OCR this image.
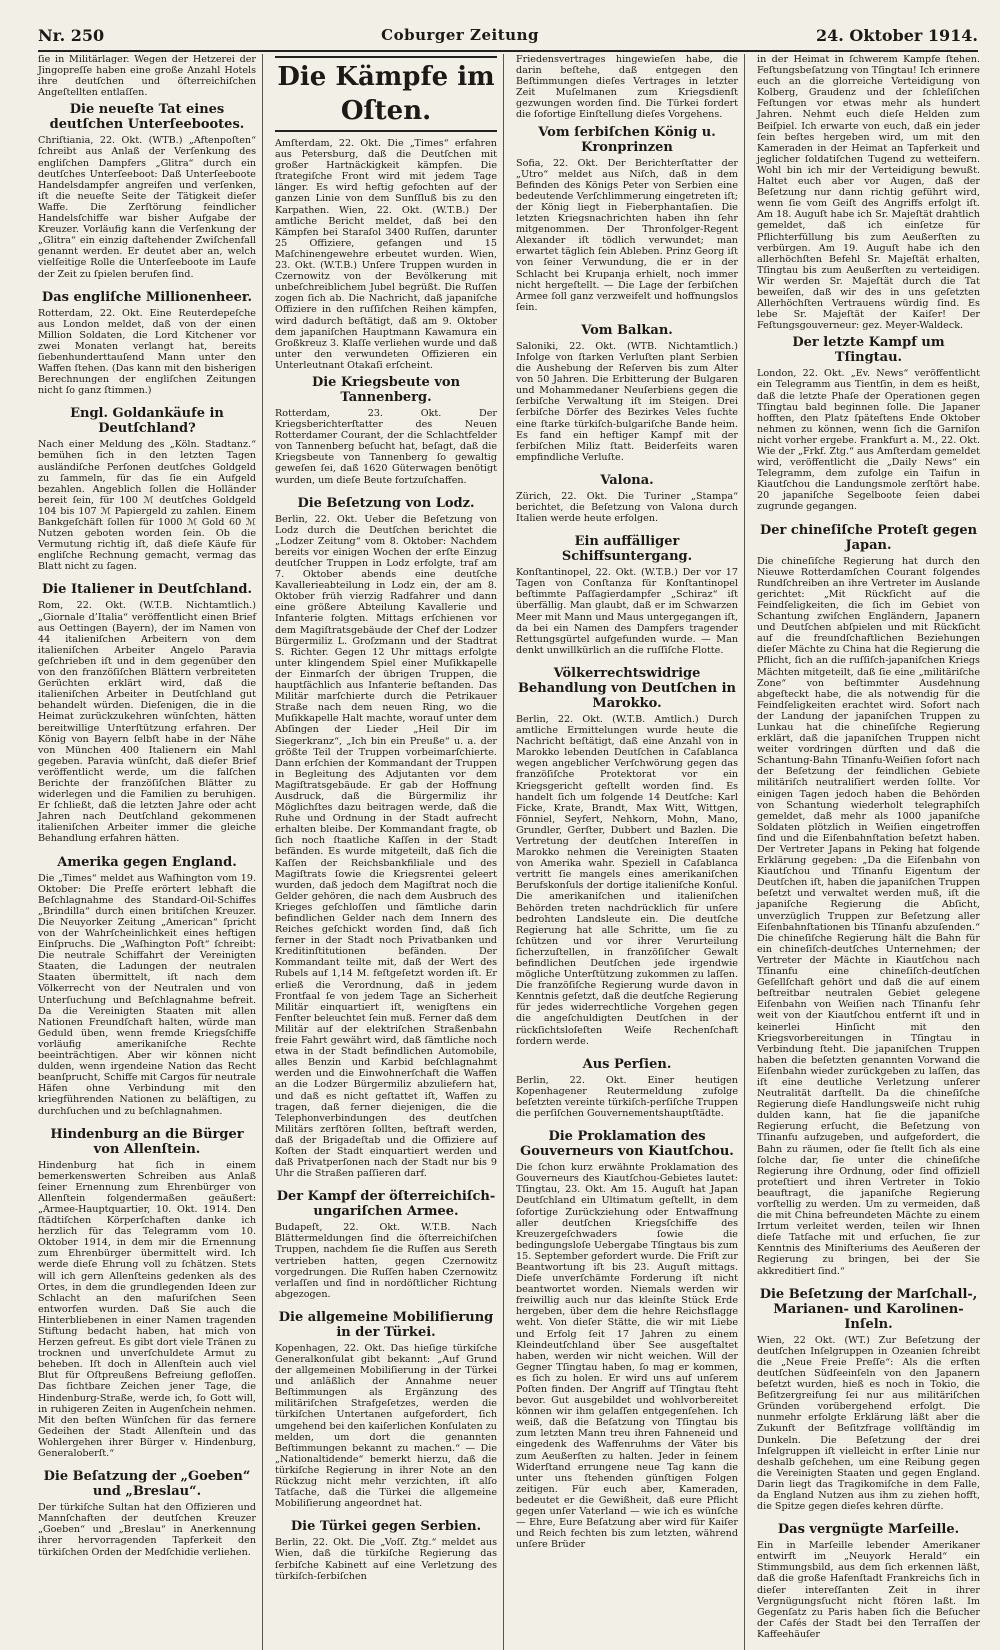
Nr. 250	Coburger Zeitung	24. Oktober 1914.

ſie in Militärlager. Wegen der Hetzerei der Jingopreſſe haben eine große Anzahl Hotels ihre deutſchen und öſterreichiſchen Angeſtellten entlaſſen.

Die neueſte Tat eines deutſchen Unterſeebootes.

Chriſtiania, 22. Okt. (WTB.) „Aftenpoſten“ ſchreibt aus Anlaß der Verſenkung des engliſchen Dampfers „Glitra“ durch ein deutſches Unterſeeboot: Daß Unterſeeboote Handelsdampfer angreifen und verſenken, iſt die neueſte Seite der Tätigkeit dieſer Waffe. Die Zerſtörung feindlicher Handelsſchiffe war bisher Aufgabe der Kreuzer. Vorläufig kann die Verſenkung der „Glitra“ ein einzig daſtehender Zwiſchenfall genannt werden. Er deutet aber an, welch vielſeitige Rolle die Unterſeeboote im Laufe der Zeit zu ſpielen berufen ſind.

Das engliſche Millionenheer.

Rotterdam, 22. Okt. Eine Reuterdepeſche aus London meldet, daß von der einen Million Soldaten, die Lord Kitchener vor zwei Monaten verlangt hat, bereits ſiebenhunderttauſend Mann unter den Waffen ſtehen. (Das kann mit den bisherigen Berechnungen der engliſchen Zeitungen nicht ſo ganz ſtimmen.)

Engl. Goldankäufe in Deutſchland?

Nach einer Meldung des „Köln. Stadtanz.“ bemühen ſich in den letzten Tagen ausländiſche Perſonen deutſches Goldgeld zu ſammeln, für das ſie ein Aufgeld bezahlen. Angeblich ſollen die Holländer bereit ſein, für 100 ℳ deutſches Goldgeld 104 bis 107 ℳ Papiergeld zu zahlen. Einem Bankgeſchäft ſollen für 1000 ℳ Gold 60 ℳ Nutzen geboten worden ſein. Ob die Vermutung richtig iſt, daß dieſe Käufe für engliſche Rechnung gemacht, vermag das Blatt nicht zu ſagen.

Die Italiener in Deutſchland.

Rom, 22. Okt. (W.T.B. Nichtamtlich.) „Giornale d’Italia“ veröffentlicht einen Brief aus Oettingen (Bayern), der im Namen von 44 italieniſchen Arbeitern von dem italieniſchen Arbeiter Angelo Paravia geſchrieben iſt und in dem gegenüber den von den franzöſiſchen Blättern verbreiteten Gerüchten erklärt wird, daß die italieniſchen Arbeiter in Deutſchland gut behandelt würden. Dieſenigen, die in die Heimat zurückzukehren wünſchten, hätten bereitwillige Unterſtützung erfahren. Der König von Bayern ſelbſt habe in der Nähe von München 400 Italienern ein Mahl gegeben. Paravia wünſcht, daß dieſer Brief veröffentlicht werde, um die falſchen Berichte der franzöſiſchen Blätter zu widerlegen und die Familien zu beruhigen. Er ſchließt, daß die letzten Jahre oder acht Jahren nach Deutſchland gekommenen italieniſchen Arbeiter immer die gleiche Behandlung erfahren hätten.

Amerika gegen England.

Die „Times“ meldet aus Waſhington vom 19. Oktober: Die Preſſe erörtert lebhaft die Beſchlagnahme des Standard-Oil-Schiffes „Brindilla“ durch einen britiſchen Kreuzer. Die Neuyorker Zeitung „American“ ſpricht von der Wahrſcheinlichkeit eines heftigen Einſpruchs. Die „Waſhington Poſt“ ſchreibt: Die neutrale Schiffahrt der Vereinigten Staaten, die Ladungen der neutralen Staaten übermittelt, iſt nach dem Völkerrecht von der Neutralen und von Unterſuchung und Beſchlagnahme befreit. Da die Vereinigten Staaten mit allen Nationen Freundſchaft halten, würde man Geduld üben, wenn fremde Kriegsſchiffe vorläufig amerikaniſche Rechte beeinträchtigen. Aber wir können nicht dulden, wenn irgendeine Nation das Recht beanſprucht, Schiffe mit Cargos für neutrale Häfen ohne Verbindung mit den kriegführenden Nationen zu beläſtigen, zu durchſuchen und zu beſchlagnahmen.

Hindenburg an die Bürger von Allenſtein.

Hindenburg hat ſich in einem bemerkenswerten Schreiben aus Anlaß ſeiner Ernennung zum Ehrenbürger von Allenſtein folgendermaßen geäußert: „Armee-Hauptquartier, 10. Okt. 1914. Den ſtädtiſchen Körperſchaften danke ich herzlich für das Telegramm vom 10. Oktober 1914, in dem mir die Ernennung zum Ehrenbürger übermittelt wird. Ich werde dieſe Ehrung voll zu ſchätzen. Stets will ich gern Allenſteins gedenken als des Ortes, in dem die grundlegenden Ideen zur Schlacht an den maſuriſchen Seen entworfen wurden. Daß Sie auch die Hinterbliebenen in einer Namen tragenden Stiftung bedacht haben, hat mich von Herzen gefreut. Es gibt dort viele Tränen zu trocknen und unverſchuldete Armut zu beheben. Iſt doch in Allenſtein auch viel Blut für Oſtpreußens Befreiung gefloſſen. Das ſichtbare Zeichen jener Tage, die Hindenburg-Straße, werde ich, ſo Gott will, in ruhigeren Zeiten in Augenſchein nehmen. Mit den beſten Wünſchen für das fernere Gedeihen der Stadt Allenſtein und das Wohlergehen ihrer Bürger v. Hindenburg, Generaloberſt.“

Die Beſatzung der „Goeben“ und „Breslau“.

Der türkiſche Sultan hat den Offizieren und Mannſchaften der deutſchen Kreuzer „Goeben“ und „Breslau“ in Anerkennung ihrer hervorragenden Tapferkeit den türkiſchen Orden der Medſchidie verliehen.

Die Kämpfe im Oſten.

Amſterdam, 22. Okt. Die „Times“ erfahren aus Petersburg, daß die Deutſchen mit großer Hartnäckigkeit kämpfen. Die ſtrategiſche Front wird mit jedem Tage länger. Es wird heftig gefochten auf der ganzen Linie von dem Sunſſluß bis zu den Karpathen. Wien, 22. Okt. (W.T.B.) Der amtliche Bericht meldet, daß bei den Kämpfen bei Staraſol 3400 Ruſſen, darunter 25 Offiziere, gefangen und 15 Maſchinengewehre erbeutet wurden. Wien, 23. Okt. (W.T.B.) Unſere Truppen wurden in Czernowitz von der Bevölkerung mit unbeſchreiblichem Jubel begrüßt. Die Ruſſen zogen ſich ab. Die Nachricht, daß japaniſche Offiziere in den ruſſiſchen Reihen kämpfen, wird dadurch beſtätigt, daß am 9. Oktober dem japaniſchen Hauptmann Kawamura ein Großkreuz 3. Klaſſe verliehen wurde und daß unter den verwundeten Offizieren ein Unterleutnant Otakaſi erſcheint.

Die Kriegsbeute von Tannenberg.

Rotterdam, 23. Okt. Der Kriegsberichterſtatter des Neuen Rotterdamer Courant, der die Schlachtfelder von Tannenberg beſucht hat, beſagt, daß die Kriegsbeute von Tannenberg ſo gewaltig geweſen ſei, daß 1620 Güterwagen benötigt wurden, um dieſe Beute fortzuſchaffen.

Die Beſetzung von Lodz.

Berlin, 22. Okt. Ueber die Beſetzung von Lodz durch die Deutſchen berichtet die „Lodzer Zeitung“ vom 8. Oktober: Nachdem bereits vor einigen Wochen der erſte Einzug deutſcher Truppen in Lodz erfolgte, traf am 7. Oktober abends eine deutſche Kavallerieabteilung in Lodz ein, der am 8. Oktober früh vierzig Radfahrer und dann eine größere Abteilung Kavallerie und Infanterie folgten. Mittags erſchienen vor dem Magiſtratsgebäude der Chef der Lodzer Bürgermiliz L. Groſzmann und der Stadtrat S. Richter. Gegen 12 Uhr mittags erfolgte unter klingendem Spiel einer Muſikkapelle der Einmarſch der übrigen Truppen, die hauptſächlich aus Infanterie beſtanden. Das Militär marſchierte durch die Petrikauer Straße nach dem neuen Ring, wo die Muſikkapelle Halt machte, worauf unter dem Abſingen der Lieder „Heil Dir im Siegerkranz“, „Ich bin ein Preuße“ u. a. der größte Teil der Truppen vorbeimarſchierte. Dann erſchien der Kommandant der Truppen in Begleitung des Adjutanten vor dem Magiſtratsgebäude. Er gab der Hoffnung Ausdruck, daß die Bürgermiliz ihr Möglichſtes dazu beitragen werde, daß die Ruhe und Ordnung in der Stadt aufrecht erhalten bleibe. Der Kommandant fragte, ob ſich noch ſtaatliche Kaſſen in der Stadt befänden. Es wurde mitgeteilt, daß ſich die Kaſſen der Reichsbankfiliale und des Magiſtrats ſowie die Kriegsrentei geleert wurden, daß jedoch dem Magiſtrat noch die Gelder gehören, die nach dem Ausbruch des Krieges geſchloſſen und ſämtliche darin befindlichen Gelder nach dem Innern des Reiches geſchickt worden ſind, daß ſich ferner in der Stadt noch Privatbanken und Kreditinſtitutionen befänden. Der Kommandant teilte mit, daß der Wert des Rubels auf 1,14 M. feſtgeſetzt worden iſt. Er erließ die Verordnung, daß in jedem Frontfaal ſe von jedem Tage an Sicherheit Militär einquartiert iſt, wenigſtens ein Fenſter beleuchtet ſein muß. Ferner daß dem Militär auf der elektriſchen Straßenbahn freie Fahrt gewährt wird, daß ſämtliche noch etwa in der Stadt befindlichen Automobile, alles Benzin und Karbid beſchlagnahmt werden und die Einwohnerſchaft die Waffen an die Lodzer Bürgermiliz abzuliefern hat, und daß es nicht geſtattet iſt, Waffen zu tragen, daß ferner diejenigen, die die Telephonverbindungen des deutſchen Militärs zerſtören ſollten, beſtraft werden, daß der Brigadeſtab und die Offiziere auf Koſten der Stadt einquartiert werden und daß Privatperſonen nach der Stadt nur bis 9 Uhr die Straßen paſſieren darf.

Der Kampf der öſterreichiſch-ungariſchen Armee.

Budapeſt, 22. Okt. W.T.B. Nach Blättermeldungen ſind die öſterreichiſchen Truppen, nachdem ſie die Ruſſen aus Sereth vertrieben hatten, gegen Czernowitz vorgedrungen. Die Ruſſen haben Czernowitz verlaſſen und ſind in nordöſtlicher Richtung abgezogen.

Die allgemeine Mobiliſierung in der Türkei.

Kopenhagen, 22. Okt. Das hieſige türkiſche Generalkonſulat gibt bekannt: „Auf Grund der allgemeinen Mobiliſierung in der Türkei und anläßlich der Annahme neuer Beſtimmungen als Ergänzung des militäriſchen Strafgeſetzes, werden die türkiſchen Untertanen aufgefordert, ſich umgehend bei den kaiſerlichen Konſulaten zu melden, um dort die genannten Beſtimmungen bekannt zu machen.“ — Die „Nationaltidende“ bemerkt hierzu, daß die türkiſche Regierung in ihrer Note an den Rückzug nicht mehr verzichten, iſt alſo Tatſache, daß die Türkei die allgemeine Mobiliſierung angeordnet hat.

Die Türkei gegen Serbien.

Berlin, 22. Okt. Die „Voſſ. Ztg.“ meldet aus Wien, daß die türkiſche Regierung das ſerbiſche Kabinett auf eine Verletzung des türkiſch-ſerbiſchen

Friedensvertrages hingewieſen habe, die darin beſtehe, daß entgegen den Beſtimmungen dieſes Vertrages in letzter Zeit Muſelmanen zum Kriegsdienſt gezwungen worden ſind. Die Türkei fordert die ſofortige Einſtellung dieſes Vorgehens.

Vom ſerbiſchen König u. Kronprinzen

Sofia, 22. Okt. Der Berichterſtatter der „Utro“ meldet aus Niſch, daß in dem Befinden des Königs Peter von Serbien eine bedeutende Verſchlimmerung eingetreten iſt; der König liegt in Fieberphantaſien. Die letzten Kriegsnachrichten haben ihn ſehr mitgenommen. Der Thronfolger-Regent Alexander iſt tödlich verwundet; man erwartet täglich ſein Ableben. Prinz Georg iſt von ſeiner Verwundung, die er in der Schlacht bei Krupanja erhielt, noch immer nicht hergeſtellt. — Die Lage der ſerbiſchen Armee ſoll ganz verzweifelt und hoffnungslos ſein.

Vom Balkan.

Saloniki, 22. Okt. (WTB. Nichtamtlich.) Infolge von ſtarken Verluſten plant Serbien die Aushebung der Reſerven bis zum Alter von 50 Jahren. Die Erbitterung der Bulgaren und Mohammedaner Neuſerbiens gegen die ſerbiſche Verwaltung iſt im Steigen. Drei ſerbiſche Dörfer des Bezirkes Veles ſuchte eine ſtarke türkiſch-bulgariſche Bande heim. Es fand ein heftiger Kampf mit der ſerbiſchen Miliz ſtatt. Beiderſeits waren empfindliche Verluſte.

Valona.

Zürich, 22. Okt. Die Turiner „Stampa“ berichtet, die Beſetzung von Valona durch Italien werde heute erfolgen.

Ein auffälliger Schiffsuntergang.

Konſtantinopel, 22. Okt. (W.T.B.) Der vor 17 Tagen von Conſtanza für Konſtantinopel beſtimmte Paſſagierdampfer „Schiraz“ iſt überfällig. Man glaubt, daß er im Schwarzen Meer mit Mann und Maus untergegangen iſt, da bei ein Namen des Dampfers tragender Rettungsgürtel aufgefunden wurde. — Man denkt unwillkürlich an die ruſſiſche Flotte.

Völkerrechtswidrige Behandlung von Deutſchen in Marokko.

Berlin, 22. Okt. (W.T.B. Amtlich.) Durch amtliche Ermittelungen wurde heute die Nachricht beſtätigt, daß eine Anzahl von in Marokko lebenden Deutſchen in Caſablanca wegen angeblicher Verſchwörung gegen das franzöſiſche Protektorat vor ein Kriegsgericht geſtellt worden ſind. Es handelt ſich um folgende 14 Deutſche: Karl Ficke, Krate, Brandt, Max Witt, Wittgen, Fönniel, Seyfert, Nehkorn, Mohn, Mano, Grundler, Gerſter, Dubbert und Bazlen. Die Vertretung der deutſchen Intereſſen in Marokko nehmen die Vereinigten Staaten von Amerika wahr. Speziell in Caſablanca vertritt ſie mangels eines amerikaniſchen Berufskonſuls der dortige italieniſche Konſul. Die amerikaniſchen und italieniſchen Behörden treten nachdrücklich für unſere bedrohten Landsleute ein. Die deutſche Regierung hat alle Schritte, um ſie zu ſchützen und vor ihrer Verurteilung ſicherzuſtellen, in franzöſiſcher Gewalt befindlichen Deutſchen jede irgendwie mögliche Unterſtützung zukommen zu laſſen. Die franzöſiſche Regierung wurde davon in Kenntnis geſetzt, daß die deutſche Regierung für jedes widerrechtliche Vorgehen gegen die angeſchuldigten Deutſchen in der rückſichtsloſeſten Weiſe Rechenſchaft fordern werde.

Aus Perſien.

Berlin, 22. Okt. Einer heutigen Kopenhagener Reutermeldung zufolge beſetzten vereinte türkiſch-perſiſche Truppen die perſiſchen Gouvernementshauptſtädte.

Die Proklamation des Gouverneurs von Kiautſchou.

Die ſchon kurz erwähnte Proklamation des Gouverneurs des Kiautſchou-Gebietes lautet: Tſingtau, 23. Okt. Am 15. Auguſt hat Japan Deutſchland ein Ultimatum geſtellt, in dem ſofortige Zurückziehung oder Entwaffnung aller deutſchen Kriegsſchiffe des Kreuzergeſchwaders ſowie die bedingungsloſe Uebergabe Tſingtaus bis zum 15. September gefordert wurde. Die Friſt zur Beantwortung iſt bis 23. Auguſt mittags. Dieſe unverſchämte Forderung iſt nicht beantwortet worden. Niemals werden wir freiwillig auch nur das kleinſte Stück Erde hergeben, über dem die hehre Reichsflagge weht. Von dieſer Stätte, die wir mit Liebe und Erfolg ſeit 17 Jahren zu einem Kleindeutſchland über See ausgeſtaltet haben, werden wir nicht weichen. Will der Gegner Tſingtau haben, ſo mag er kommen, es ſich zu holen. Er wird uns auf unſerem Poſten finden. Der Angriff auf Tſingtau ſteht bevor. Gut ausgebildet und wohlvorbereitet können wir ihm gelaſſen entgegenſehen. Ich weiß, daß die Beſatzung von Tſingtau bis zum letzten Mann treu ihren Fahneneid und eingedenk des Waffenruhms der Väter bis zum Aeußerſten zu halten. Jeder in ſeinem Widerſtand errungene neue Tag kann die unter uns ſtehenden günſtigen Folgen zeitigen. Für euch aber, Kameraden, bedeutet er die Gewißheit, daß eure Pflicht gegen unſer Vaterland — wie ich es wünſche — Ehre, Eure Beſatzung aber wird für Kaiſer und Reich fechten bis zum letzten, während unſere Brüder

in der Heimat in ſchwerem Kampfe ſtehen. Feſtungsbeſatzung von Tſingtau! Ich erinnere euch an die glorreiche Verteidigung von Kolberg, Graudenz und der ſchleſiſchen Feſtungen vor etwas mehr als hundert Jahren. Nehmt euch dieſe Helden zum Beiſpiel. Ich erwarte von euch, daß ein jeder ſein beſtes hergeben wird, um mit den Kameraden in der Heimat an Tapferkeit und jeglicher ſoldatiſchen Tugend zu wetteifern. Wohl bin ich mir der Verteidigung bewußt. Haltet euch aber vor Augen, daß der Beſetzung nur dann richtig geführt wird, wenn ſie vom Geiſt des Angriffs erfolgt iſt. Am 18. Auguſt habe ich Sr. Majeſtät drahtlich gemeldet, daß ich einſetze für Pflichterfüllung bis zum Aeußerſten zu verbürgen. Am 19. Auguſt habe ich den allerhöchſten Befehl Sr. Majeſtät erhalten, Tſingtau bis zum Aeußerſten zu verteidigen. Wir werden Sr. Majeſtät durch die Tat beweiſen, daß wir des in uns geſetzten Allerhöchſten Vertrauens würdig ſind. Es lebe Sr. Majeſtät der Kaiſer! Der Feſtungsgouverneur: gez. Meyer-Waldeck.

Der letzte Kampf um Tſingtau.

London, 22. Okt. „Ev. News“ veröffentlicht ein Telegramm aus Tientſin, in dem es heißt, daß die letzte Phaſe der Operationen gegen Tſingtau bald beginnen ſolle. Die Japaner hofften, den Platz ſpäteſtens Ende Oktober nehmen zu können, wenn ſich die Garniſon nicht vorher ergebe. Frankfurt a. M., 22. Okt. Wie der „Frkf. Ztg.“ aus Amſterdam gemeldet wird, veröffentlicht die „Daily News“ ein Telegramm, dem zufolge ein Taifun in Kiautſchou die Landungsmole zerſtört habe. 20 japaniſche Segelboote ſeien dabei zugrunde gegangen.

Der chineſiſche Proteſt gegen Japan.

Die chineſiſche Regierung hat durch den Nieuwe Rotterdamſchen Courant folgendes Rundſchreiben an ihre Vertreter im Auslande gerichtet: „Mit Rückſicht auf die Feindſeligkeiten, die ſich im Gebiet von Schantung zwiſchen Engländern, Japanern und Deutſchen abſpielen und mit Rückſicht auf die freundſchaftlichen Beziehungen dieſer Mächte zu China hat die Regierung die Pflicht, ſich an die ruſſiſch-japaniſchen Kriegs Mächten mitgeteilt, daß ſie eine „militäriſche Zone“ von beſtimmter Ausdehnung abgeſteckt habe, die als notwendig für die Feindſeligkeiten erachtet wird. Sofort nach der Landung der japaniſchen Truppen zu Lunkau hat die chineſiſche Regierung erklärt, daß die japaniſchen Truppen nicht weiter vordringen dürften und daß die Schantung-Bahn Tſinanfu-Weiſien ſofort nach der Beſetzung der feindlichen Gebiete militäriſch neutraliſiert werden ſollte. Vor einigen Tagen jedoch haben die Behörden von Schantung wiederholt telegraphiſch gemeldet, daß mehr als 1000 japaniſche Soldaten plötzlich in Weiſien eingetroffen ſind und die Eiſenbahnſtation beſetzt haben. Der Vertreter Japans in Peking hat folgende Erklärung gegeben: „Da die Eiſenbahn von Kiautſchou und Tſinanfu Eigentum der Deutſchen iſt, haben die japaniſchen Truppen beſetzt und verwaltet werden muß, iſt die japaniſche Regierung die Abſicht, unverzüglich Truppen zur Beſetzung aller Eiſenbahnſtationen bis Tſinanfu abzuſenden.“ Die chineſiſche Regierung hält die Bahn für ein chineſiſch-deutſches Unternehmen; der Vertreter der Mächte in Kiautſchou nach Tſinanfu eine chineſiſch-deutſchen Geſellſchaft gehört und daß die auf einem beſtreitbar neutralen Gebiet gelegene Eiſenbahn von Weiſien nach Tſinanfu ſehr weit von der Kiautſchou entfernt iſt und in keinerlei Hinſicht mit den Kriegsvorbereitungen in Tſingtau in Verbindung ſteht. Die japaniſchen Truppen haben die beſetzten genannten Vorwand die Eiſenbahn wieder zurückgeben zu laſſen, das iſt eine deutliche Verletzung unſerer Neutralität darſtellt. Da die chineſiſche Regierung dieſe Handlungsweiſe nicht ruhig dulden kann, hat ſie die japaniſche Regierung erſucht, die Beſetzung von Tſinanfu aufzugeben, und aufgefordert, die Bahn zu räumen, oder ſie ſtellt ſich als eine ſolche dar, ſie unter die chineſiſche Regierung ihre Ordnung, oder ſind offiziell proteſtiert und ihren Vertreter in Tokio beauftragt, die japaniſche Regierung vorſtellig zu werden. Um zu vermeiden, daß die mit China befreundeten Mächte zu einem Irrtum verleitet werden, teilen wir Ihnen dieſe Tatſache mit und erſuchen, ſie zur Kenntnis des Miniſteriums des Aeußeren der Regierung zu bringen, bei der Sie akkreditiert ſind.“

Die Beſetzung der Marſchall-, Marianen- und Karolinen-Inſeln.

Wien, 22 Okt. (WT.) Zur Beſetzung der deutſchen Inſelgruppen in Ozeanien ſchreibt die „Neue Freie Preſſe“: Als die erſten deutſchen Südſeeinſeln von den Japanern beſetzt wurden, hieß es noch in Tokio, die Beſitzergreifung ſei nur aus militäriſchen Gründen vorübergehend erfolgt. Die nunmehr erfolgte Erklärung läßt aber die Zukunft der Beſitzfrage vollſtändig im Dunkeln. Die Beſetzung der drei Inſelgruppen iſt vielleicht in erſter Linie nur deshalb geſchehen, um eine Reibung gegen die Vereinigten Staaten und gegen England. Darin liegt das Tragikomiſche in dem Falle, da England Nutzen aus ihm zu ziehen hofft, die Spitze gegen dieſes kehren dürfte.

Das vergnügte Marſeille.

Ein in Marſeille lebender Amerikaner entwirft im „Neuyork Herald“ ein Stimmungsbild, aus dem ſich erkennen läßt, daß die große Hafenſtadt Frankreichs ſich in dieſer intereſſanten Zeit in ihrer Vergnügungsſucht nicht ſtören laßt. Im Gegenſatz zu Paris haben ſich die Beſucher der Cafés der Stadt bei den Terraſſen der Kaffeehäuſer
